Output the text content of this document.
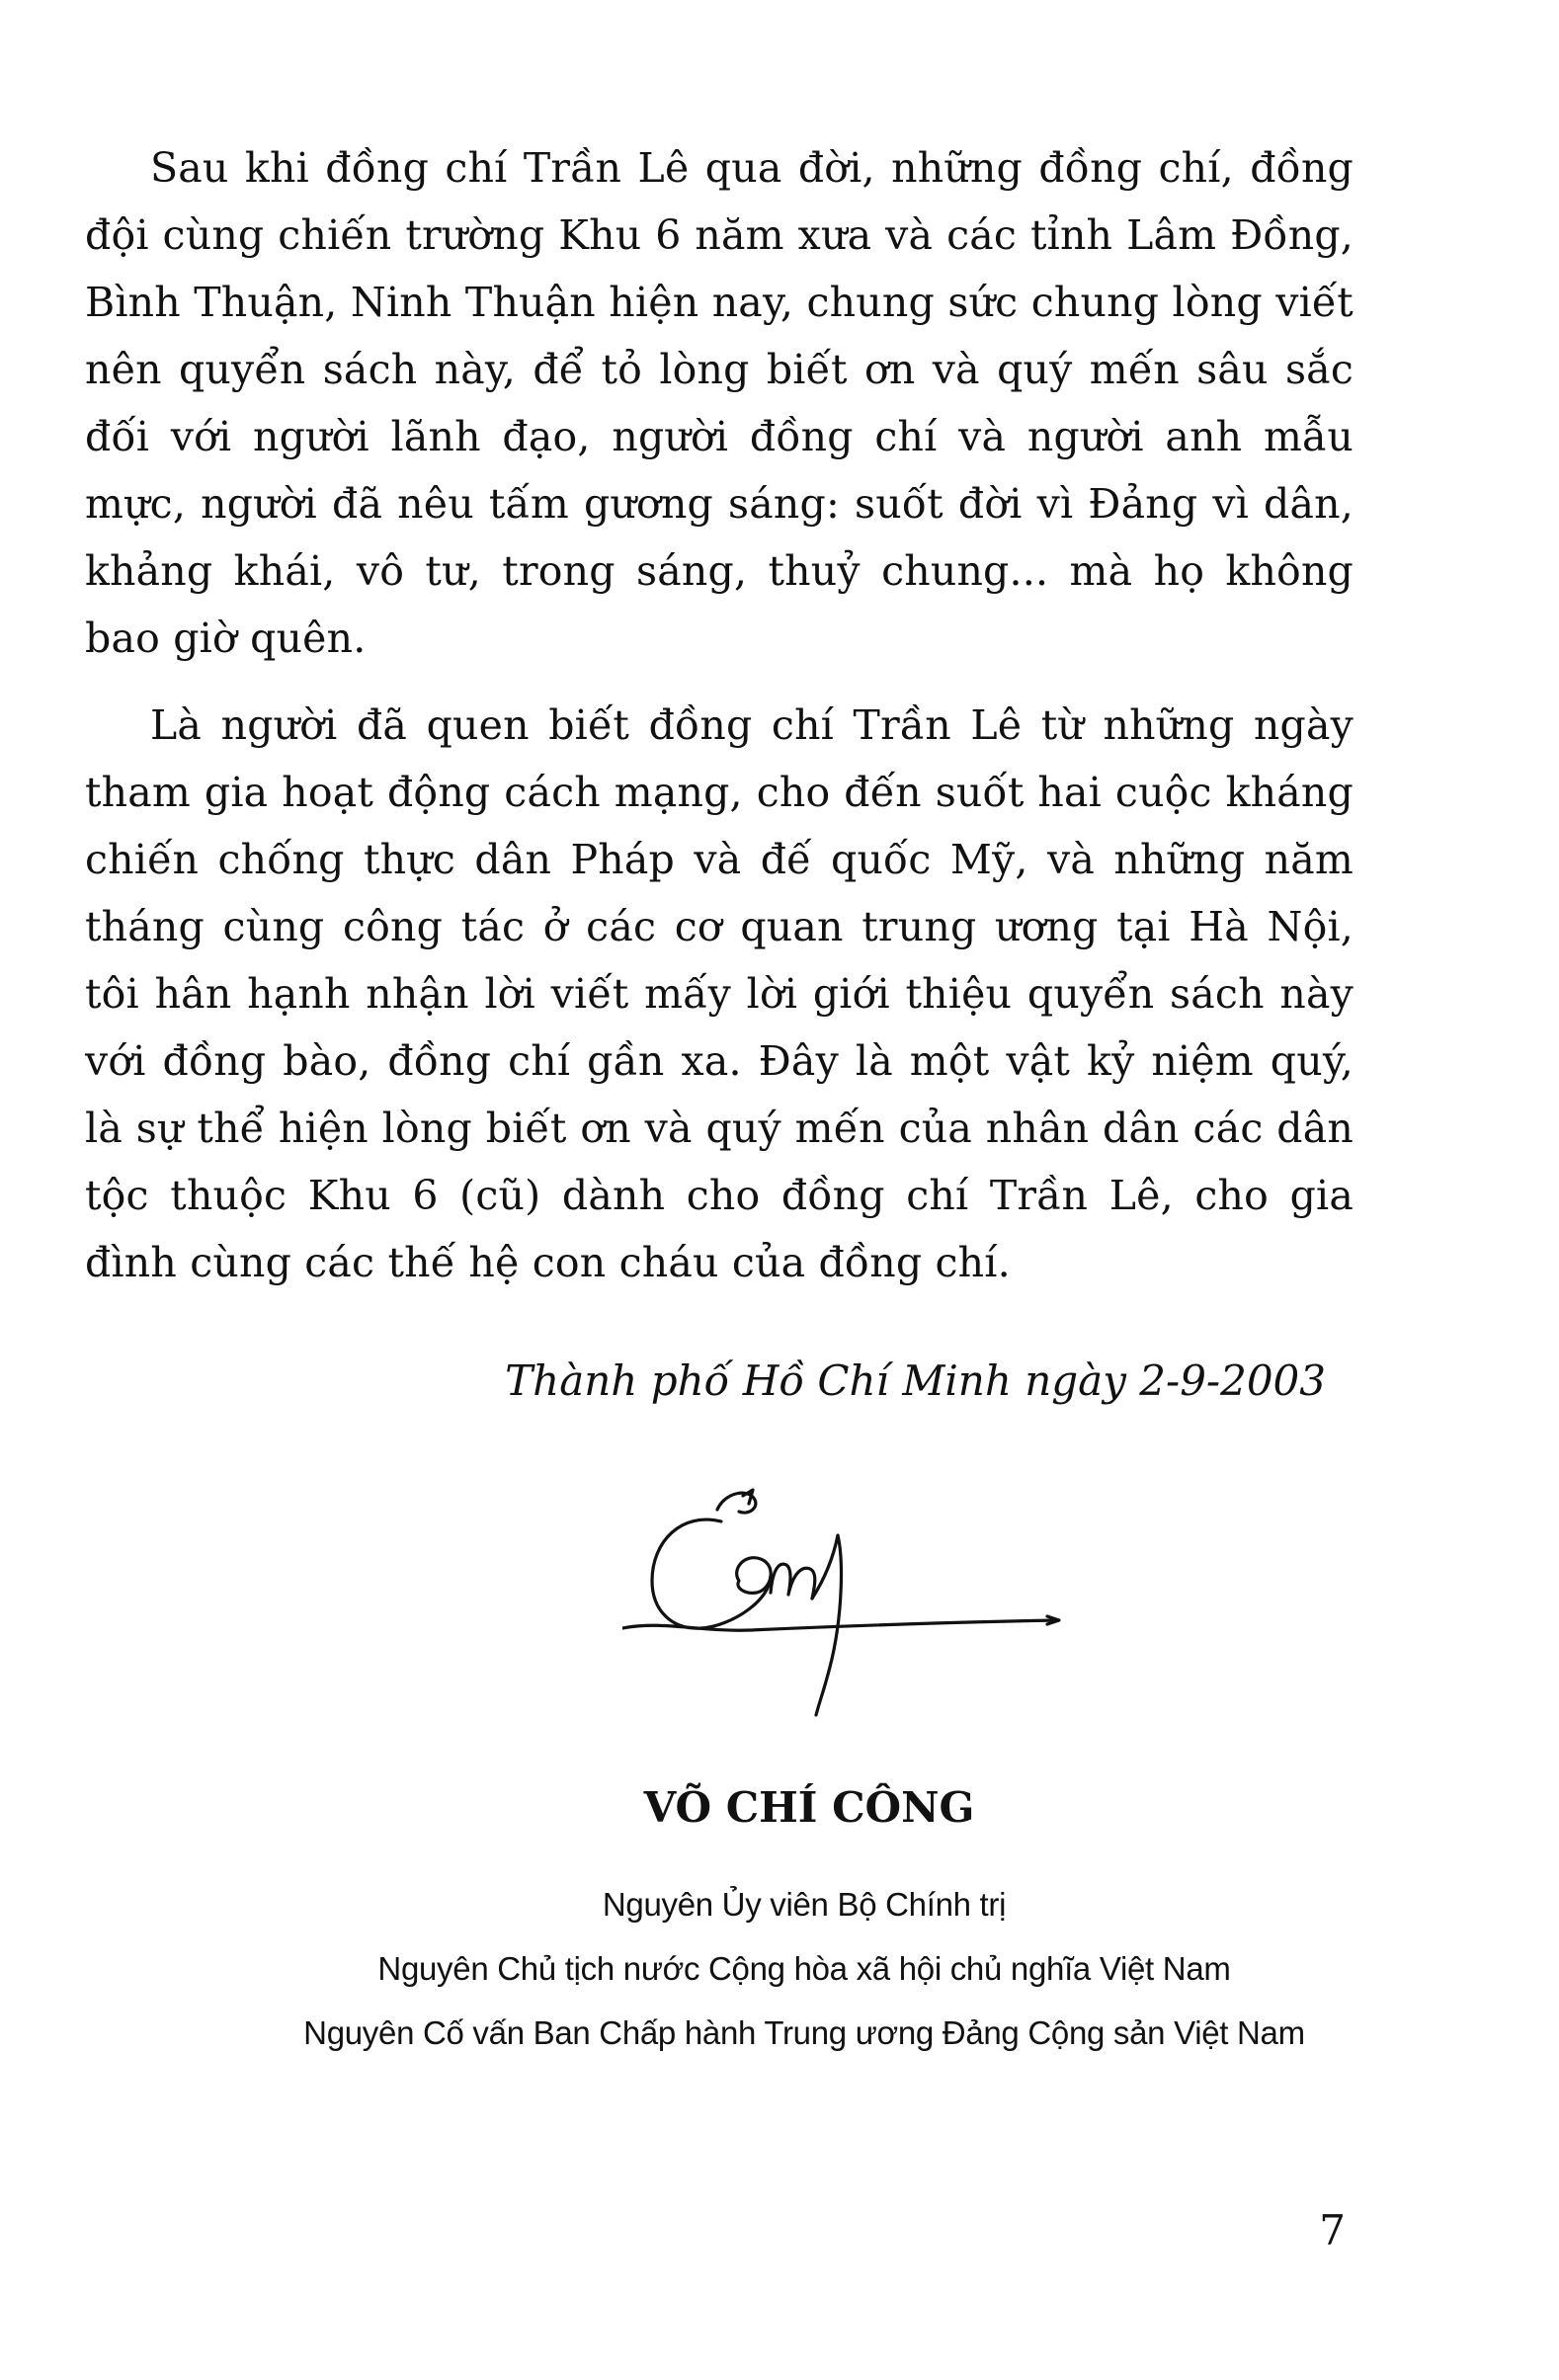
Sau khi đồng chí Trần Lê qua đời, những đồng chí, đồng đội cùng chiến trường Khu 6 năm xưa và các tỉnh Lâm Đồng, Bình Thuận, Ninh Thuận hiện nay, chung sức chung lòng viết nên quyển sách này, để tỏ lòng biết ơn và quý mến sâu sắc đối với người lãnh đạo, người đồng chí và người anh mẫu mực, người đã nêu tấm gương sáng: suốt đời vì Đảng vì dân, khảng khái, vô tư, trong sáng, thuỷ chung... mà họ không bao giờ quên.

Là người đã quen biết đồng chí Trần Lê từ những ngày tham gia hoạt động cách mạng, cho đến suốt hai cuộc kháng chiến chống thực dân Pháp và đế quốc Mỹ, và những năm tháng cùng công tác ở các cơ quan trung ương tại Hà Nội, tôi hân hạnh nhận lời viết mấy lời giới thiệu quyển sách này với đồng bào, đồng chí gần xa. Đây là một vật kỷ niệm quý, là sự thể hiện lòng biết ơn và quý mến của nhân dân các dân tộc thuộc Khu 6 (cũ) dành cho đồng chí Trần Lê, cho gia đình cùng các thế hệ con cháu của đồng chí.

Thành phố Hồ Chí Minh ngày 2-9-2003
VÕ CHÍ CÔNG
Nguyên Ủy viên Bộ Chính trị
Nguyên Chủ tịch nước Cộng hòa xã hội chủ nghĩa Việt Nam
Nguyên Cố vấn Ban Chấp hành Trung ương Đảng Cộng sản Việt Nam
7
